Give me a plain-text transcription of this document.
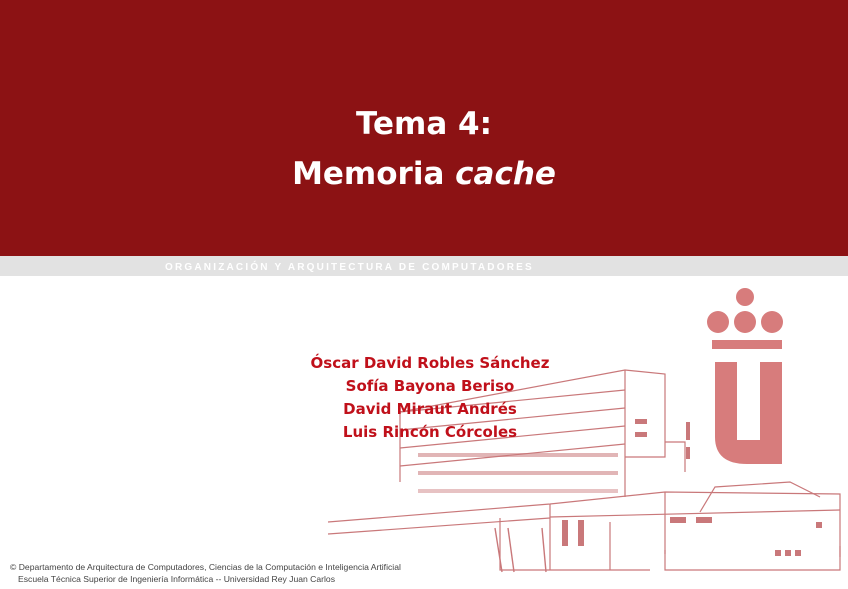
Tema 4:
Memoria cache
ORGANIZACIÓN Y ARQUITECTURA DE COMPUTADORES
Óscar David Robles Sánchez
Sofía Bayona Beriso
David Miraut Andrés
Luis Rincón Córcoles
© Departamento de Arquitectura de Computadores, Ciencias de la Computación e Inteligencia Artificial
Escuela Técnica Superior de Ingeniería Informática -- Universidad Rey Juan Carlos
